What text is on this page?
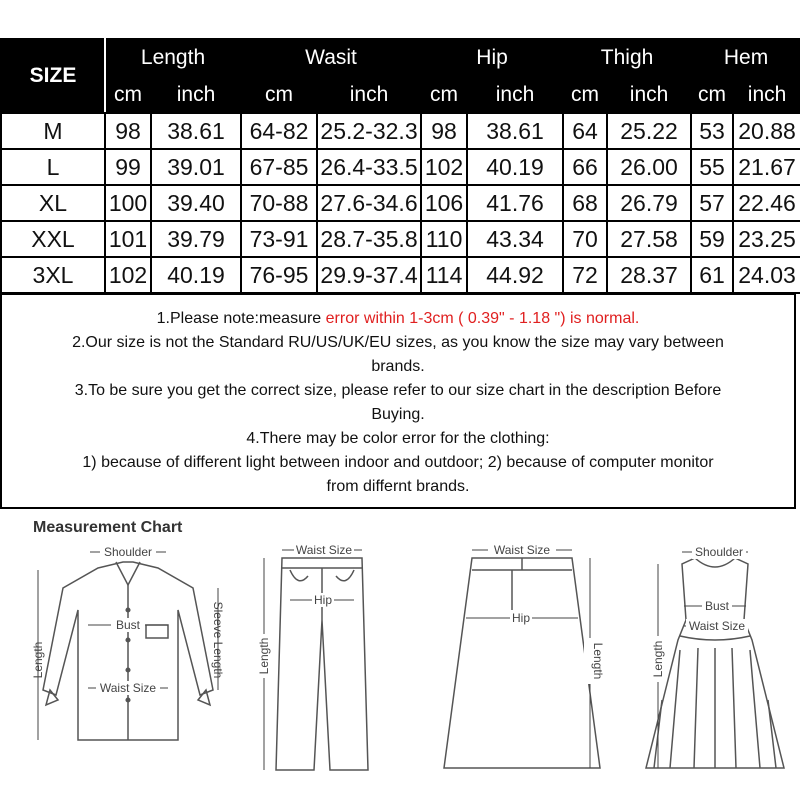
SIZE	Length		Wasit		Hip		Thigh		Hem	
	cm	inch	cm	inch	cm	inch	cm	inch	cm	inch
M	98	38.61	64-82	25.2-32.3	98	38.61	64	25.22	53	20.88
L	99	39.01	67-85	26.4-33.5	102	40.19	66	26.00	55	21.67
XL	100	39.40	70-88	27.6-34.6	106	41.76	68	26.79	57	22.46
XXL	101	39.79	73-91	28.7-35.8	110	43.34	70	27.58	59	23.25
3XL	102	40.19	76-95	29.9-37.4	114	44.92	72	28.37	61	24.03

1.Please note:measure error within 1-3cm ( 0.39" - 1.18 ") is normal.

2.Our size is not the Standard RU/US/UK/EU sizes, as you know the size may vary between

brands.

3.To be sure you get the correct size, please refer to our size chart in the description Before

Buying.

4.There may be color error for the clothing:

1) because of different light between indoor and outdoor; 2) because of computer monitor

from differnt brands.

Measurement Chart
Shoulder
Bust
Waist Size
Length	Sleeve Length
Waist Size
Hip
Length
Waist Size
Hip
Length
Shoulder
Bust
Waist Size
Length
